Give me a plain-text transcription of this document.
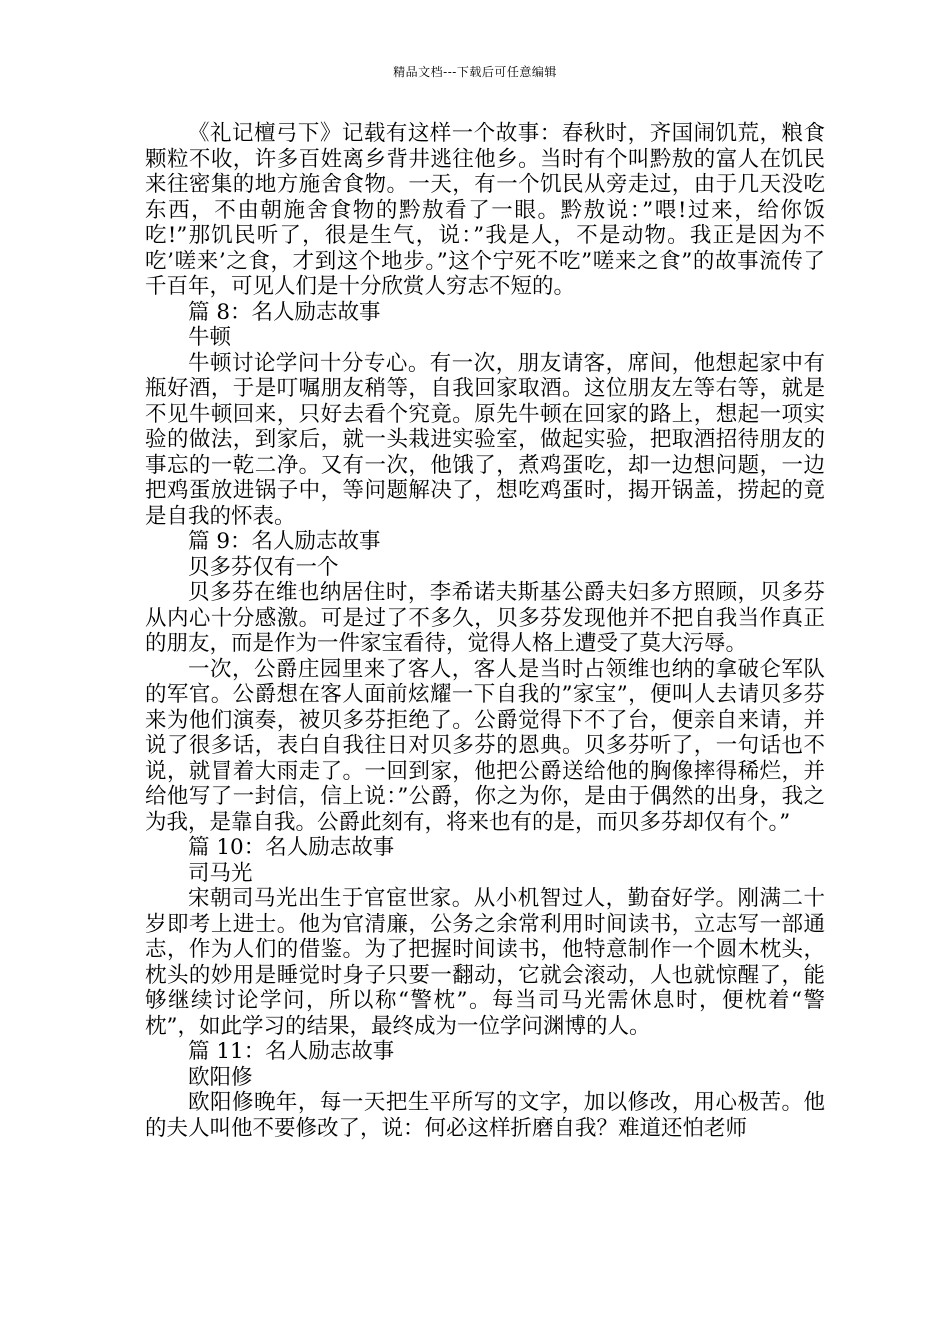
精品文档---下载后可任意编辑

《礼记檀弓下》记载有这样一个故事：春秋时，齐国闹饥荒，粮食颗粒不收，许多百姓离乡背井逃往他乡。当时有个叫黔敖的富人在饥民来往密集的地方施舍食物。一天，有一个饥民从旁走过，由于几天没吃东西，不由朝施舍食物的黔敖看了一眼。黔敖说：”喂!过来，给你饭吃!”那饥民听了，很是生气，说：”我是人，不是动物。我正是因为不吃’嗟来’之食，才到这个地步。”这个宁死不吃”嗟来之食”的故事流传了千百年，可见人们是十分欣赏人穷志不短的。

篇 8：名人励志故事

牛顿

牛顿讨论学问十分专心。有一次，朋友请客，席间，他想起家中有瓶好酒，于是叮嘱朋友稍等，自我回家取酒。这位朋友左等右等，就是不见牛顿回来，只好去看个究竟。原先牛顿在回家的路上，想起一项实验的做法，到家后，就一头栽进实验室，做起实验，把取酒招待朋友的事忘的一乾二净。又有一次，他饿了，煮鸡蛋吃，却一边想问题，一边把鸡蛋放进锅子中，等问题解决了，想吃鸡蛋时，揭开锅盖，捞起的竟是自我的怀表。

篇 9：名人励志故事

贝多芬仅有一个

贝多芬在维也纳居住时，李希诺夫斯基公爵夫妇多方照顾，贝多芬从内心十分感激。可是过了不多久，贝多芬发现他并不把自我当作真正的朋友，而是作为一件家宝看待，觉得人格上遭受了莫大污辱。

一次，公爵庄园里来了客人，客人是当时占领维也纳的拿破仑军队的军官。公爵想在客人面前炫耀一下自我的”家宝”，便叫人去请贝多芬来为他们演奏，被贝多芬拒绝了。公爵觉得下不了台，便亲自来请，并说了很多话，表白自我往日对贝多芬的恩典。贝多芬听了，一句话也不说，就冒着大雨走了。一回到家，他把公爵送给他的胸像摔得稀烂，并给他写了一封信，信上说：”公爵，你之为你，是由于偶然的出身，我之为我，是靠自我。公爵此刻有，将来也有的是，而贝多芬却仅有个。”

篇 10：名人励志故事

司马光

宋朝司马光出生于官宦世家。从小机智过人，勤奋好学。刚满二十岁即考上进士。他为官清廉，公务之余常利用时间读书，立志写一部通志，作为人们的借鉴。为了把握时间读书，他特意制作一个圆木枕头，枕头的妙用是睡觉时身子只要一翻动，它就会滚动，人也就惊醒了，能够继续讨论学问，所以称“警枕”。每当司马光需休息时，便枕着“警枕”，如此学习的结果，最终成为一位学问渊博的人。

篇 11：名人励志故事

欧阳修

欧阳修晚年，每一天把生平所写的文字，加以修改，用心极苦。他的夫人叫他不要修改了，说：何必这样折磨自我？难道还怕老师
